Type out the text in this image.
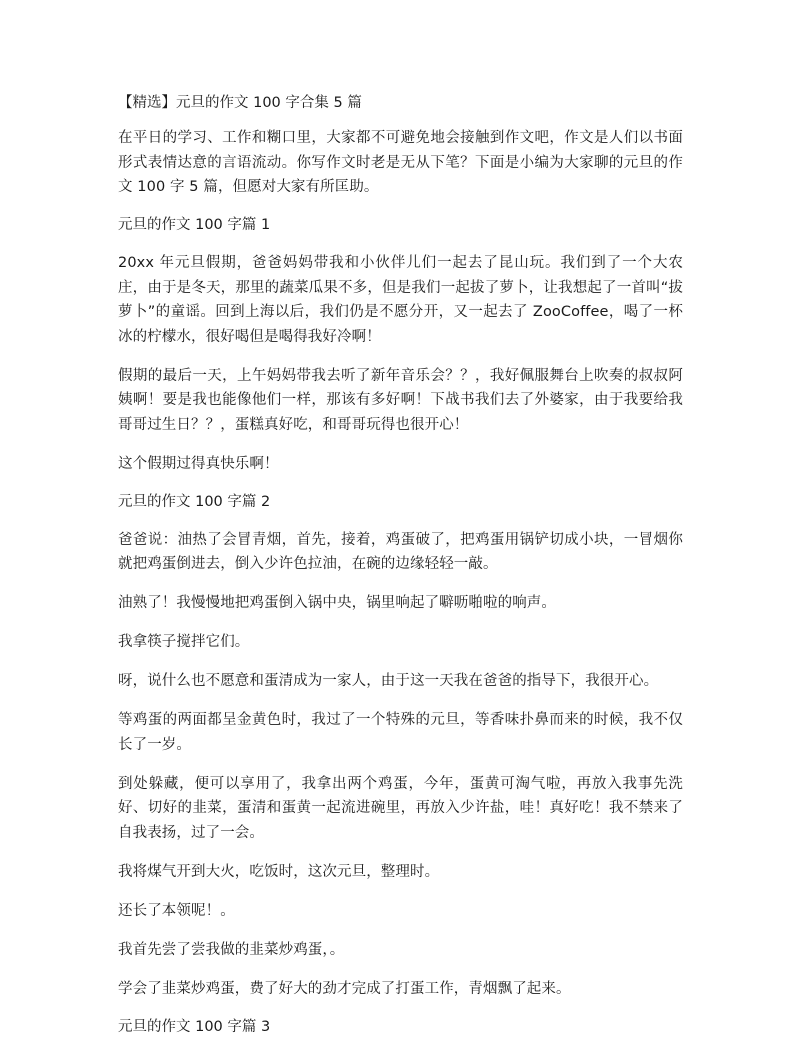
【精选】元旦的作文 100 字合集 5 篇
在平日的学习、工作和糊口里，大家都不可避免地会接触到作文吧，作文是人们以书面形式表情达意的言语流动。你写作文时老是无从下笔？下面是小编为大家聊的元旦的作文 100 字 5 篇，但愿对大家有所匡助。
元旦的作文 100 字篇 1
20xx 年元旦假期，爸爸妈妈带我和小伙伴儿们一起去了昆山玩。我们到了一个大农庄，由于是冬天，那里的蔬菜瓜果不多，但是我们一起拔了萝卜，让我想起了一首叫“拔萝卜”的童谣。回到上海以后，我们仍是不愿分开，又一起去了 ZooCoffee，喝了一杯冰的柠檬水，很好喝但是喝得我好冷啊！
假期的最后一天，上午妈妈带我去听了新年音乐会？？，我好佩服舞台上吹奏的叔叔阿姨啊！要是我也能像他们一样，那该有多好啊！下战书我们去了外婆家，由于我要给我哥哥过生日？？，蛋糕真好吃，和哥哥玩得也很开心！
这个假期过得真快乐啊！
元旦的作文 100 字篇 2
爸爸说：油热了会冒青烟，首先，接着，鸡蛋破了，把鸡蛋用锅铲切成小块，一冒烟你就把鸡蛋倒进去，倒入少许色拉油，在碗的边缘轻轻一敲。
油熟了！我慢慢地把鸡蛋倒入锅中央，锅里响起了噼呖啪啦的响声。
我拿筷子搅拌它们。
呀，说什么也不愿意和蛋清成为一家人，由于这一天我在爸爸的指导下，我很开心。
等鸡蛋的两面都呈金黄色时，我过了一个特殊的元旦，等香味扑鼻而来的时候，我不仅长了一岁。
到处躲藏，便可以享用了，我拿出两个鸡蛋，今年，蛋黄可淘气啦，再放入我事先洗好、切好的韭菜，蛋清和蛋黄一起流进碗里，再放入少许盐，哇！真好吃！我不禁来了自我表扬，过了一会。
我将煤气开到大火，吃饭时，这次元旦，整理时。
还长了本领呢！。
我首先尝了尝我做的韭菜炒鸡蛋，。
学会了韭菜炒鸡蛋，费了好大的劲才完成了打蛋工作，青烟飘了起来。
元旦的作文 100 字篇 3
